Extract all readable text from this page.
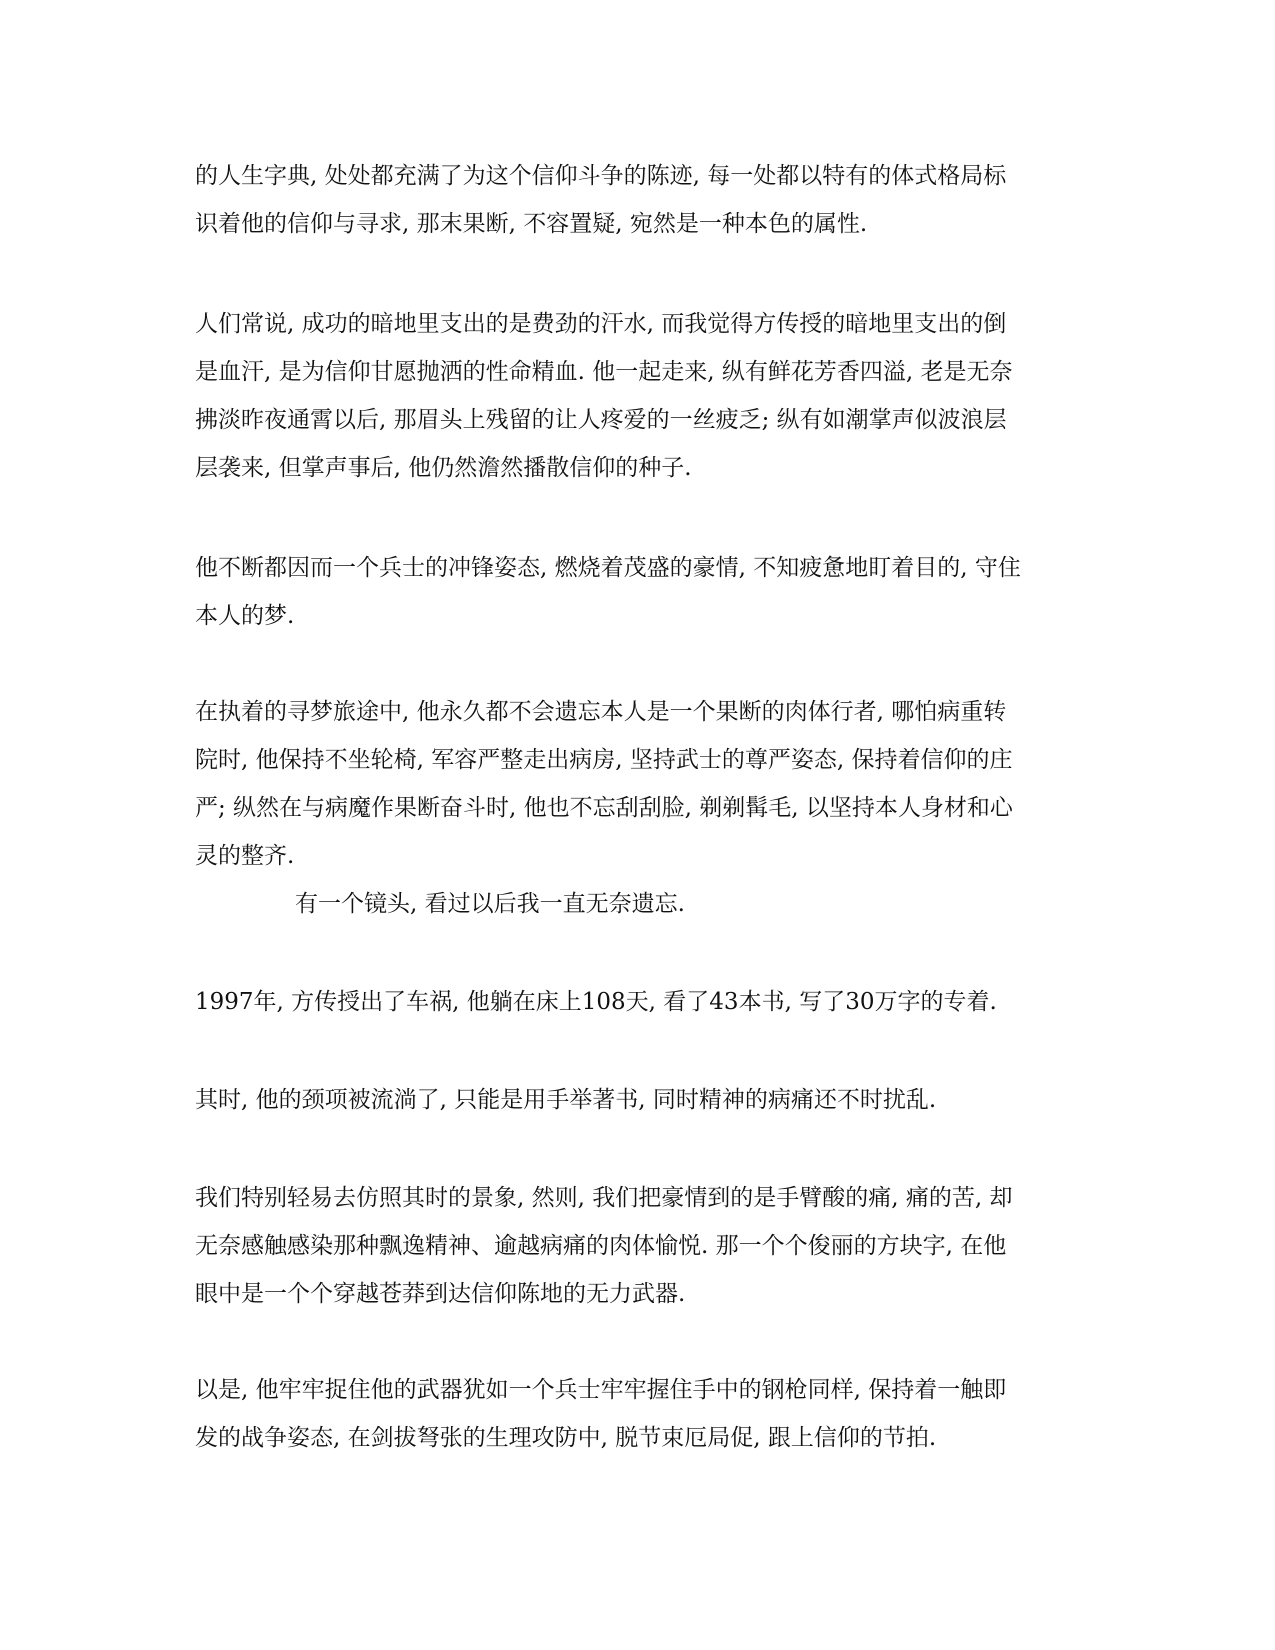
的人生字典, 处处都充满了为这个信仰斗争的陈迹, 每一处都以特有的体式格局标
识着他的信仰与寻求, 那末果断, 不容置疑, 宛然是一种本色的属性.

人们常说, 成功的暗地里支出的是费劲的汗水, 而我觉得方传授的暗地里支出的倒
是血汗, 是为信仰甘愿抛洒的性命精血. 他一起走来, 纵有鲜花芳香四溢, 老是无奈
拂淡昨夜通霄以后, 那眉头上残留的让人疼爱的一丝疲乏; 纵有如潮掌声似波浪层
层袭来, 但掌声事后, 他仍然澹然播散信仰的种子.

他不断都因而一个兵士的冲锋姿态, 燃烧着茂盛的豪情, 不知疲惫地盯着目的, 守住
本人的梦.

在执着的寻梦旅途中, 他永久都不会遗忘本人是一个果断的肉体行者, 哪怕病重转
院时, 他保持不坐轮椅, 军容严整走出病房, 坚持武士的尊严姿态, 保持着信仰的庄
严; 纵然在与病魔作果断奋斗时, 他也不忘刮刮脸, 剃剃髯毛, 以坚持本人身材和心
灵的整齐.
有一个镜头, 看过以后我一直无奈遗忘.

1997年, 方传授出了车祸, 他躺在床上108天, 看了43本书, 写了30万字的专着.

其时, 他的颈项被流淌了, 只能是用手举著书, 同时精神的病痛还不时扰乱.

我们特别轻易去仿照其时的景象, 然则, 我们把豪情到的是手臂酸的痛, 痛的苦, 却
无奈感触感染那种飘逸精神、逾越病痛的肉体愉悦. 那一个个俊丽的方块字, 在他
眼中是一个个穿越苍莽到达信仰陈地的无力武器.

以是, 他牢牢捉住他的武器犹如一个兵士牢牢握住手中的钢枪同样, 保持着一触即
发的战争姿态, 在剑拔弩张的生理攻防中, 脱节束厄局促, 跟上信仰的节拍.
